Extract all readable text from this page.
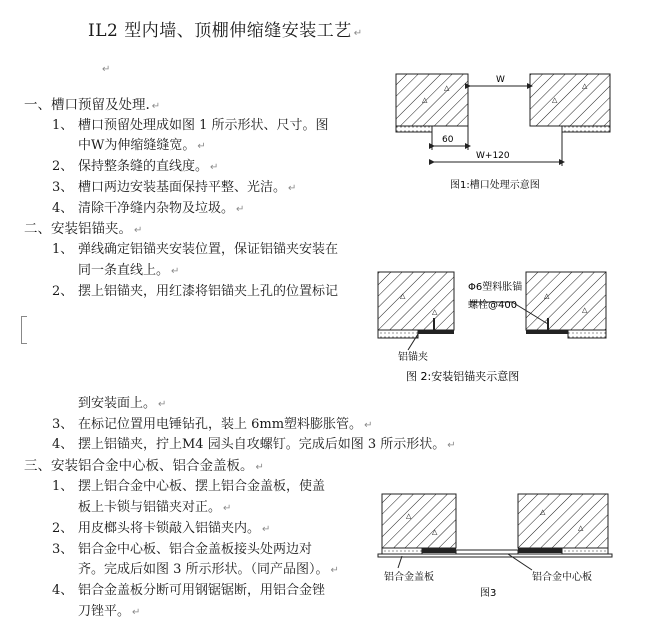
IL2 型内墙、顶棚伸缩缝安装工艺 ↵
↵
一、槽口预留及处理. ↵
1、 槽口预留处理成如图 1 所示形状、尺寸。图
中W为伸缩缝缝宽。 ↵
2、 保持整条缝的直线度。 ↵
3、 槽口两边安装基面保持平整、光洁。 ↵
4、 清除干净缝内杂物及垃圾。 ↵
二、安装铝锚夹。 ↵
1、 弹线确定铝锚夹安装位置，保证铝锚夹安装在
同一条直线上。 ↵
2、 摆上铝锚夹，用红漆将铝锚夹上孔的位置标记
到安装面上。 ↵
3、 在标记位置用电锤钻孔，装上 6mm塑料膨胀管。 ↵
4、 摆上铝锚夹，拧上M4 园头自攻螺钉。完成后如图 3 所示形状。 ↵
三、安装铝合金中心板、铝合金盖板。 ↵
1、 摆上铝合金中心板、摆上铝合金盖板，使盖
板上卡锁与铝锚夹对正。 ↵
2、 用皮榔头将卡锁敲入铝锚夹内。 ↵
3、 铝合金中心板、铝合金盖板接头处两边对
齐。完成后如图 3 所示形状。（同产品图）。 ↵
4、 铝合金盖板分断可用钢锯锯断，用铝合金锉
刀锉平。 ↵
△
△
△
△
W
60
W+120
图1:槽口处理示意图
△
△
△
△
Φ6塑料胀锚
螺栓@400
铝锚夹
图 2:安装铝锚夹示意图
△
△
△
△
铝合金盖板	铝合金中心板
图3
